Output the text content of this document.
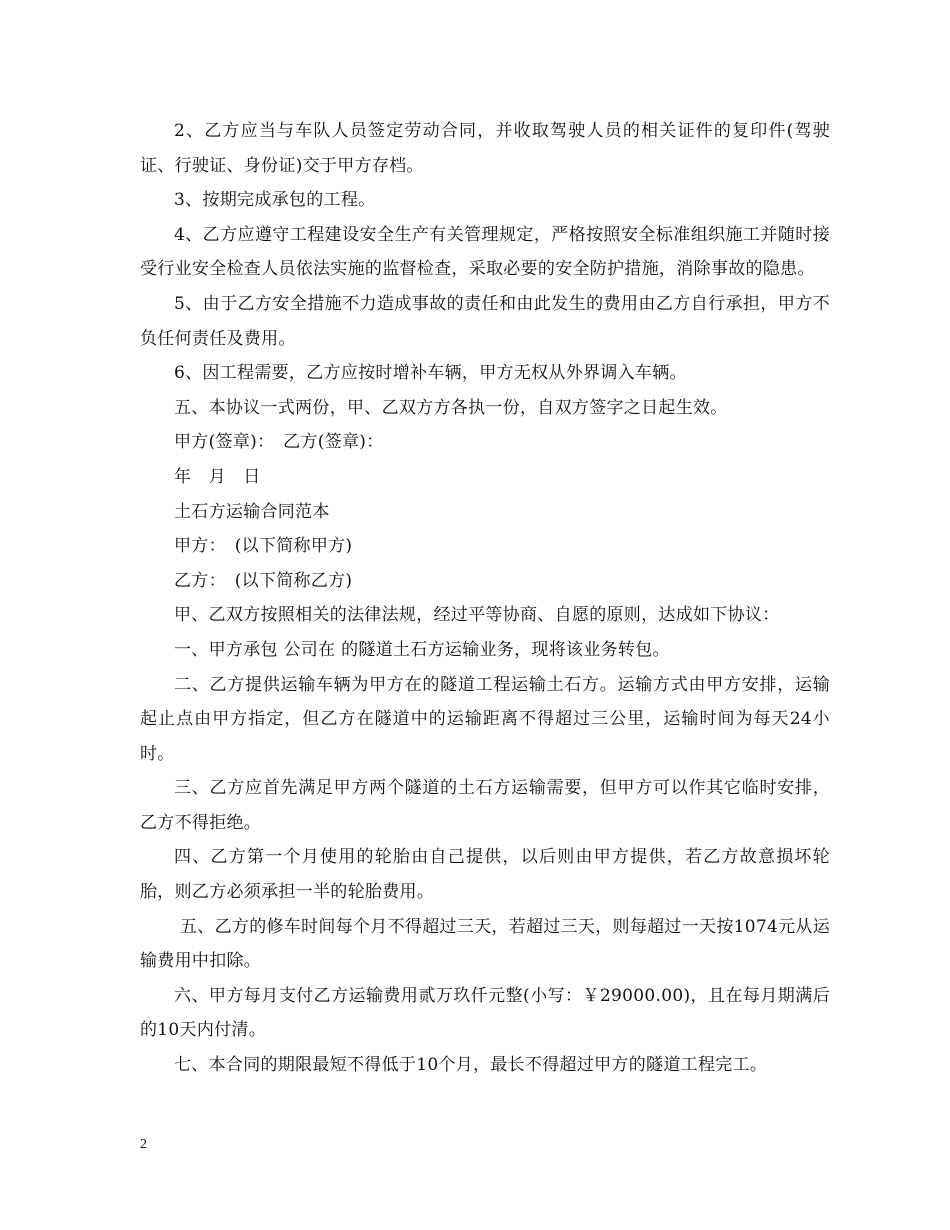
2、乙方应当与车队人员签定劳动合同，并收取驾驶人员的相关证件的复印件(驾驶证、行驶证、身份证)交于甲方存档。

3、按期完成承包的工程。

4、乙方应遵守工程建设安全生产有关管理规定，严格按照安全标准组织施工并随时接受行业安全检查人员依法实施的监督检查，采取必要的安全防护措施，消除事故的隐患。

5、由于乙方安全措施不力造成事故的责任和由此发生的费用由乙方自行承担，甲方不负任何责任及费用。

6、因工程需要，乙方应按时增补车辆，甲方无权从外界调入车辆。

五、本协议一式两份，甲、乙双方方各执一份，自双方签字之日起生效。

甲方(签章)：　乙方(签章)：

年　月　日

土石方运输合同范本

甲方：　(以下简称甲方)

乙方：　(以下简称乙方)

甲、乙双方按照相关的法律法规，经过平等协商、自愿的原则，达成如下协议：

一、甲方承包 公司在 的隧道土石方运输业务，现将该业务转包。

二、乙方提供运输车辆为甲方在的隧道工程运输土石方。运输方式由甲方安排，运输起止点由甲方指定，但乙方在隧道中的运输距离不得超过三公里，运输时间为每天24小时。

三、乙方应首先满足甲方两个隧道的土石方运输需要，但甲方可以作其它临时安排，乙方不得拒绝。

四、乙方第一个月使用的轮胎由自己提供，以后则由甲方提供，若乙方故意损坏轮胎，则乙方必须承担一半的轮胎费用。

五、乙方的修车时间每个月不得超过三天，若超过三天，则每超过一天按1074元从运输费用中扣除。

六、甲方每月支付乙方运输费用贰万玖仟元整(小写：￥29000.00)，且在每月期满后的10天内付清。

七、本合同的期限最短不得低于10个月，最长不得超过甲方的隧道工程完工。

2
